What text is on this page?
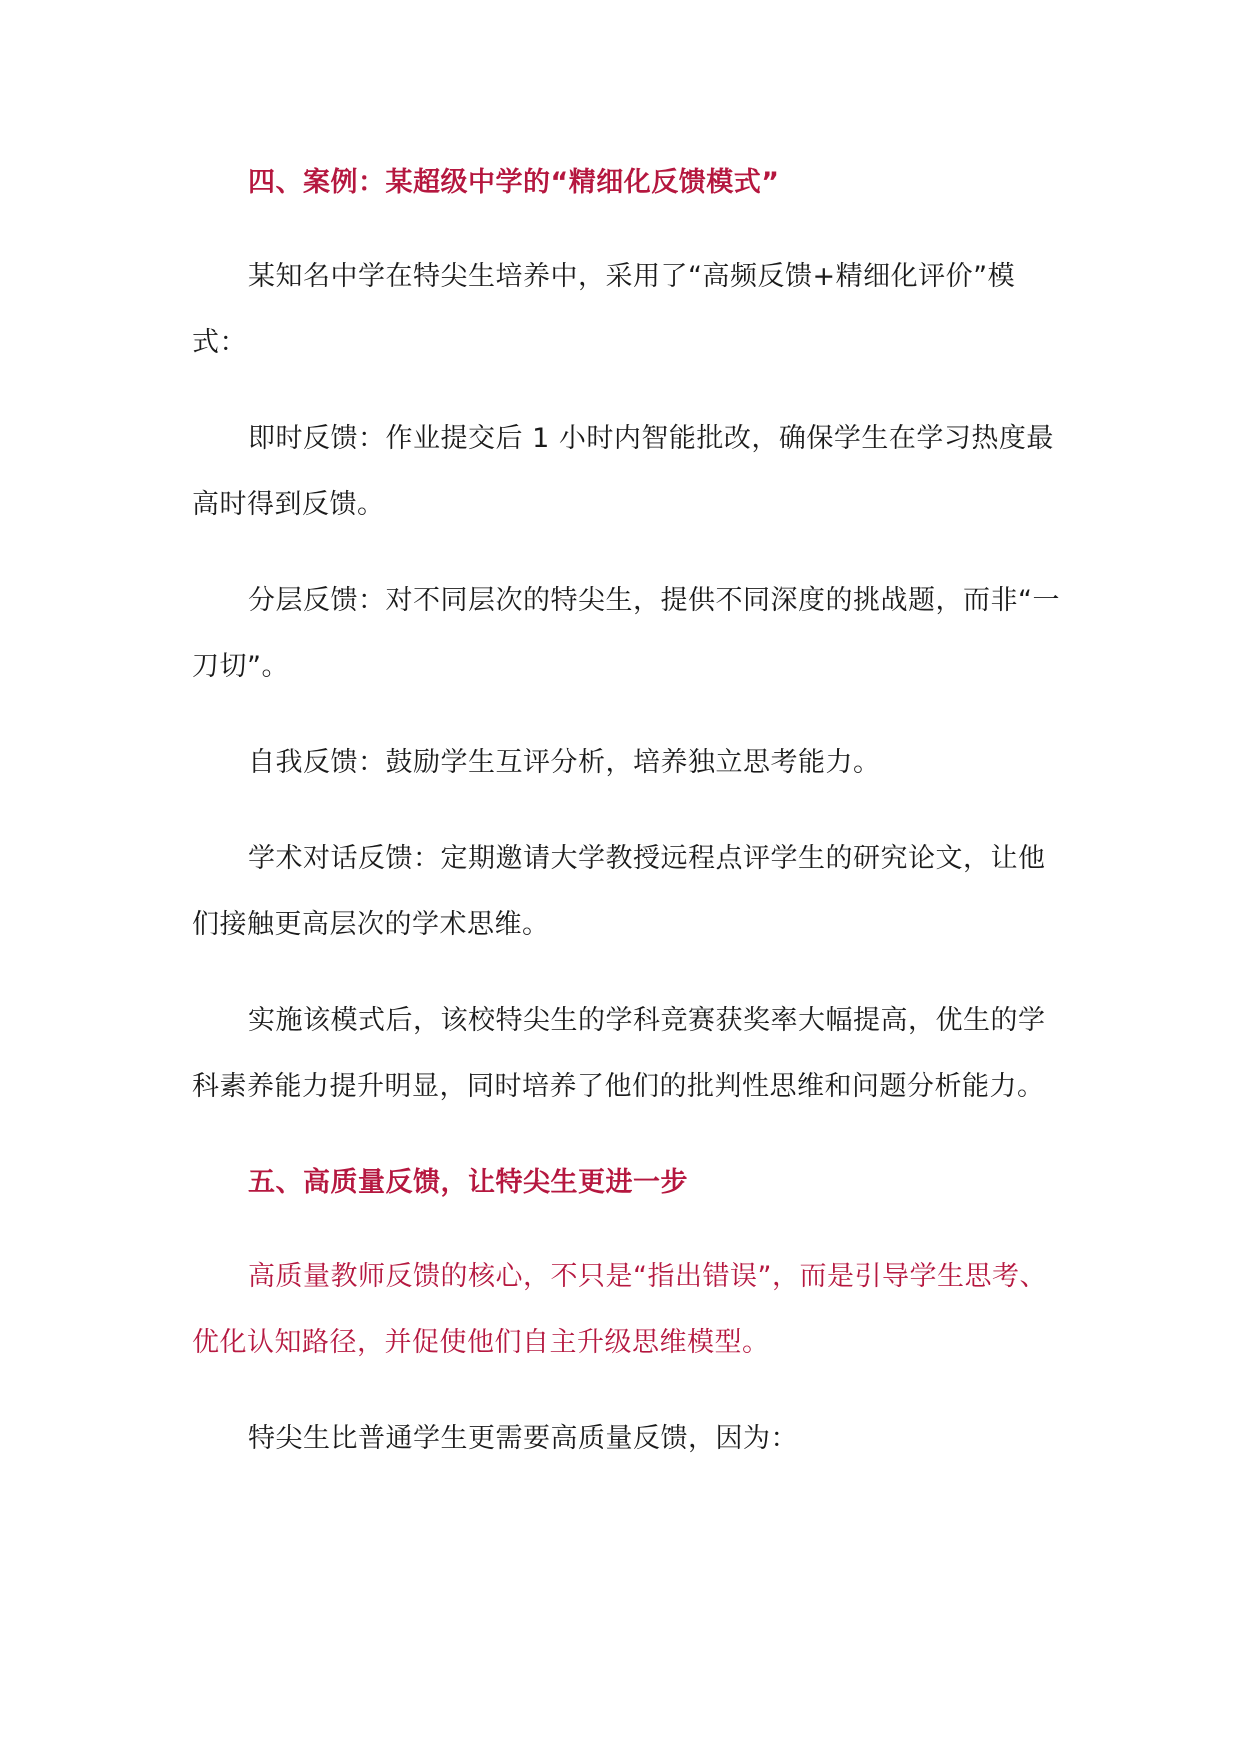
四、案例：某超级中学的“精细化反馈模式”

某知名中学在特尖生培养中，采用了“高频反馈+精细化评价”模式：

即时反馈：作业提交后 1 小时内智能批改，确保学生在学习热度最高时得到反馈。

分层反馈：对不同层次的特尖生，提供不同深度的挑战题，而非“一刀切”。

自我反馈：鼓励学生互评分析，培养独立思考能力。

学术对话反馈：定期邀请大学教授远程点评学生的研究论文，让他们接触更高层次的学术思维。

实施该模式后，该校特尖生的学科竞赛获奖率大幅提高，优生的学科素养能力提升明显，同时培养了他们的批判性思维和问题分析能力。

五、高质量反馈，让特尖生更进一步

高质量教师反馈的核心，不只是“指出错误”，而是引导学生思考、优化认知路径，并促使他们自主升级思维模型。

特尖生比普通学生更需要高质量反馈，因为：
